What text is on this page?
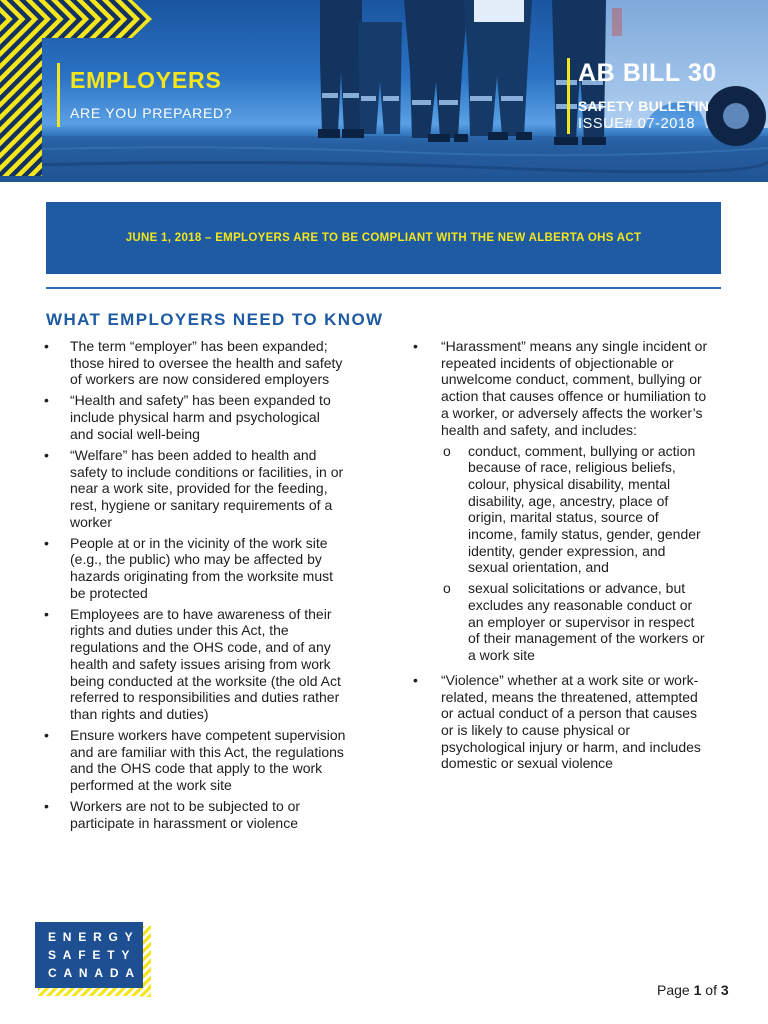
EMPLOYERS
ARE YOU PREPARED?
AB BILL 30
SAFETY BULLETIN
ISSUE# 07-2018
JUNE 1, 2018 – EMPLOYERS ARE TO BE COMPLIANT WITH THE NEW ALBERTA OHS ACT
WHAT EMPLOYERS NEED TO KNOW
•	The term “employer” has been expanded; those hired to oversee the health and safety of workers are now considered employers
•	“Health and safety” has been expanded to include physical harm and psychological and social well-being
•	“Welfare” has been added to health and safety to include conditions or facilities, in or near a work site, provided for the feeding, rest, hygiene or sanitary requirements of a worker
•	People at or in the vicinity of the work site (e.g., the public) who may be affected by hazards originating from the worksite must be protected
•	Employees are to have awareness of their rights and duties under this Act, the regulations and the OHS code, and of any health and safety issues arising from work being conducted at the worksite (the old Act referred to responsibilities and duties rather than rights and duties)
•	Ensure workers have competent supervision and are familiar with this Act, the regulations and the OHS code that apply to the work performed at the work site
•	Workers are not to be subjected to or participate in harassment or violence
•	“Harassment” means any single incident or repeated incidents of objectionable or unwelcome conduct, comment, bullying or action that causes offence or humiliation to a worker, or adversely affects the worker’s health and safety, and includes:
o	conduct, comment, bullying or action because of race, religious beliefs, colour, physical disability, mental disability, age, ancestry, place of origin, marital status, source of income, family status, gender, gender identity, gender expression, and sexual orientation, and
o	sexual solicitations or advance, but excludes any reasonable conduct or an employer or supervisor in respect of their management of the workers or a work site
•	“Violence” whether at a work site or work-related, means the threatened, attempted or actual conduct of a person that causes or is likely to cause physical or psychological injury or harm, and includes domestic or sexual violence
ENERGY
SAFETY
CANADA
Page 1 of 3
